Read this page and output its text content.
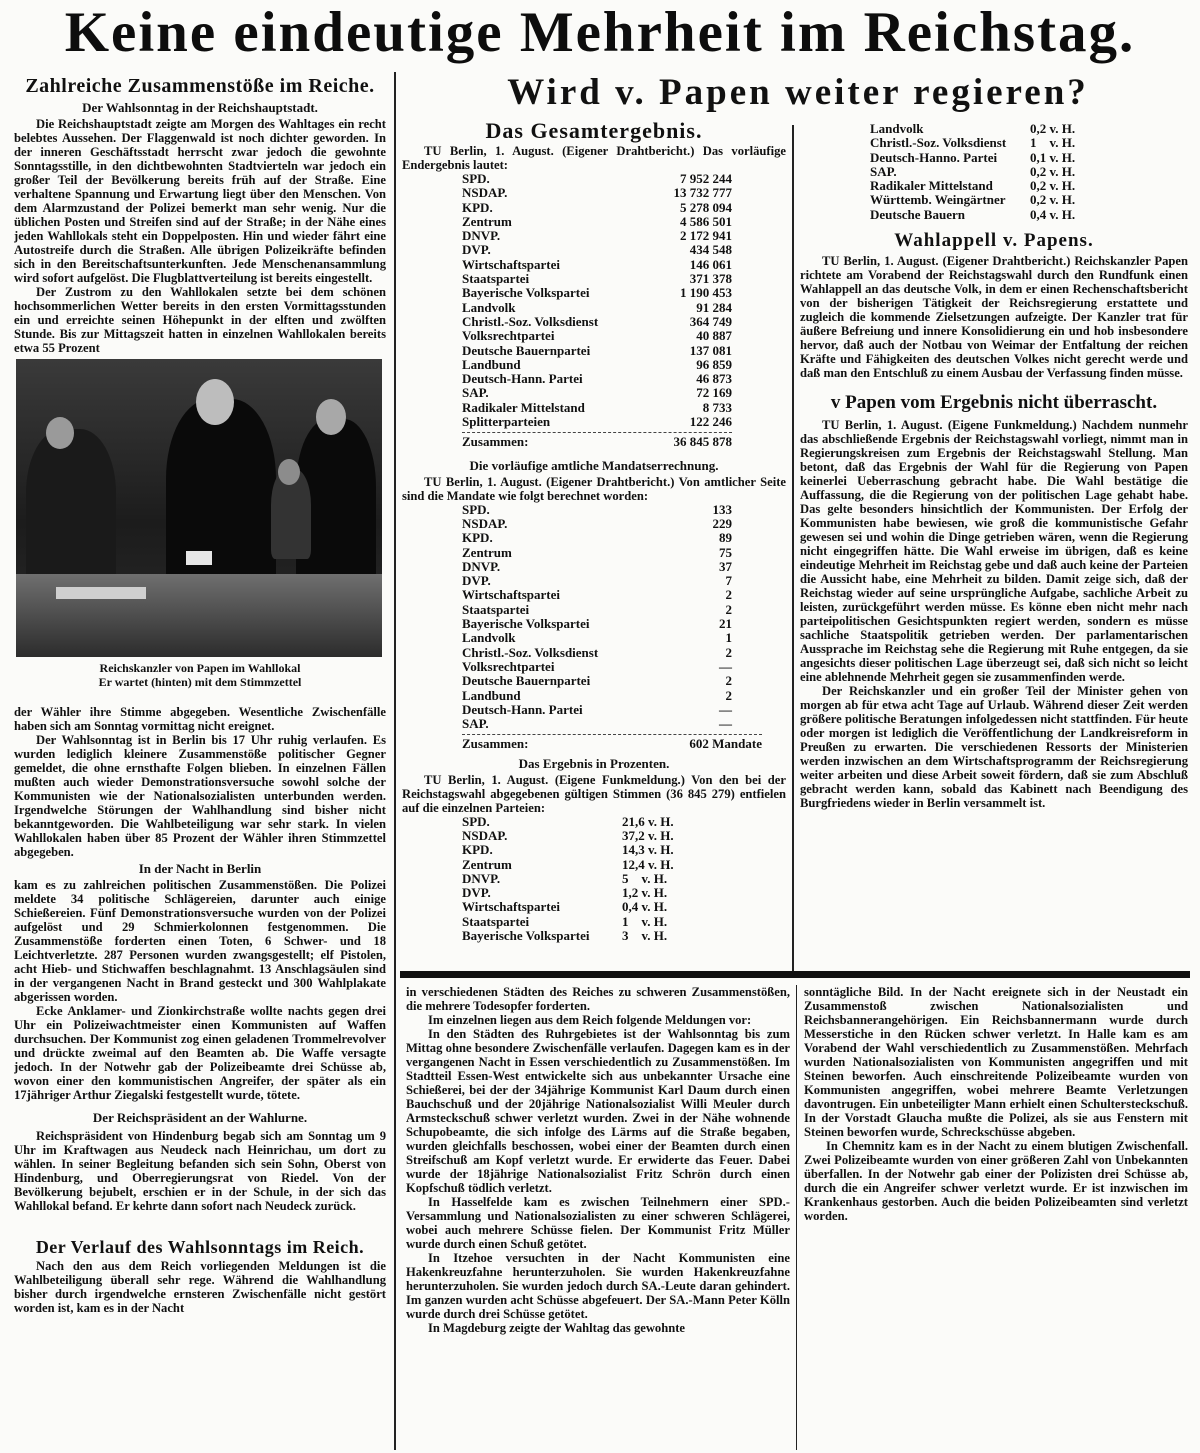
Keine eindeutige Mehrheit im Reichstag.
Wird v. Papen weiter regieren?
Zahlreiche Zusammenstöße im Reiche.
Der Wahlsonntag in der Reichshauptstadt.

Die Reichshauptstadt zeigte am Morgen des Wahltages ein recht belebtes Aussehen. Der Flaggenwald ist noch dichter geworden. In der inneren Geschäftsstadt herrscht zwar jedoch die gewohnte Sonntagsstille, in den dichtbewohnten Stadtvierteln war jedoch ein großer Teil der Bevölkerung bereits früh auf der Straße. Eine verhaltene Spannung und Erwartung liegt über den Menschen. Von dem Alarmzustand der Polizei bemerkt man sehr wenig. Nur die üblichen Posten und Streifen sind auf der Straße; in der Nähe eines jeden Wahllokals steht ein Doppelposten. Hin und wieder fährt eine Autostreife durch die Straßen. Alle übrigen Polizeikräfte befinden sich in den Bereitschaftsunterkunften. Jede Menschenansammlung wird sofort aufgelöst. Die Flugblattverteilung ist bereits eingestellt.

Der Zustrom zu den Wahllokalen setzte bei dem schönen hochsommerlichen Wetter bereits in den ersten Vormittagsstunden ein und erreichte seinen Höhepunkt in der elften und zwölften Stunde. Bis zur Mittagszeit hatten in einzelnen Wahllokalen bereits etwa 55 Prozent

Reichskanzler von Papen im Wahllokal
Er wartet (hinten) mit dem Stimmzettel

der Wähler ihre Stimme abgegeben. Wesentliche Zwischenfälle haben sich am Sonntag vormittag nicht ereignet.

Der Wahlsonntag ist in Berlin bis 17 Uhr ruhig verlaufen. Es wurden lediglich kleinere Zusammenstöße politischer Gegner gemeldet, die ohne ernsthafte Folgen blieben. In einzelnen Fällen mußten auch wieder Demonstrationsversuche sowohl solche der Kommunisten wie der Nationalsozialisten unterbunden werden. Irgendwelche Störungen der Wahlhandlung sind bisher nicht bekanntgeworden. Die Wahlbeteiligung war sehr stark. In vielen Wahllokalen haben über 85 Prozent der Wähler ihren Stimmzettel abgegeben.

In der Nacht in Berlin

kam es zu zahlreichen politischen Zusammenstößen. Die Polizei meldete 34 politische Schlägereien, darunter auch einige Schießereien. Fünf Demonstrationsversuche wurden von der Polizei aufgelöst und 29 Schmierkolonnen festgenommen. Die Zusammenstöße forderten einen Toten, 6 Schwer- und 18 Leichtverletzte. 287 Personen wurden zwangsgestellt; elf Pistolen, acht Hieb- und Stichwaffen beschlagnahmt. 13 Anschlagsäulen sind in der vergangenen Nacht in Brand gesteckt und 300 Wahlplakate abgerissen worden.

Ecke Anklamer- und Zionkirchstraße wollte nachts gegen drei Uhr ein Polizeiwachtmeister einen Kommunisten auf Waffen durchsuchen. Der Kommunist zog einen geladenen Trommelrevolver und drückte zweimal auf den Beamten ab. Die Waffe versagte jedoch. In der Notwehr gab der Polizeibeamte drei Schüsse ab, wovon einer den kommunistischen Angreifer, der später als ein 17jähriger Arthur Ziegalski festgestellt wurde, tötete.

Der Reichspräsident an der Wahlurne.

Reichspräsident von Hindenburg begab sich am Sonntag um 9 Uhr im Kraftwagen aus Neudeck nach Heinrichau, um dort zu wählen. In seiner Begleitung befanden sich sein Sohn, Oberst von Hindenburg, und Oberregierungsrat von Riedel. Von der Bevölkerung bejubelt, erschien er in der Schule, in der sich das Wahllokal befand. Er kehrte dann sofort nach Neudeck zurück.

Der Verlauf des Wahlsonntags im Reich.

Nach den aus dem Reich vorliegenden Meldungen ist die Wahlbeteiligung überall sehr rege. Während die Wahlhandlung bisher durch irgendwelche ernsteren Zwischenfälle nicht gestört worden ist, kam es in der Nacht

Das Gesamtergebnis.

TU Berlin, 1. August. (Eigener Drahtbericht.) Das vorläufige Endergebnis lautet:

SPD.	7 952 244
NSDAP.	13 732 777
KPD.	5 278 094
Zentrum	4 586 501
DNVP.	2 172 941
DVP.	434 548
Wirtschaftspartei	146 061
Staatspartei	371 378
Bayerische Volkspartei	1 190 453
Landvolk	91 284
Christl.-Soz. Volksdienst	364 749
Volksrechtpartei	40 887
Deutsche Bauernpartei	137 081
Landbund	96 859
Deutsch-Hann. Partei	46 873
SAP.	72 169
Radikaler Mittelstand	8 733
Splitterparteien	122 246
Zusammen:	36 845 878
Die vorläufige amtliche Mandatserrechnung.

TU Berlin, 1. August. (Eigener Drahtbericht.) Von amtlicher Seite sind die Mandate wie folgt berechnet worden:

SPD.	133
NSDAP.	229
KPD.	89
Zentrum	75
DNVP.	37
DVP.	7
Wirtschaftspartei	2
Staatspartei	2
Bayerische Volkspartei	21
Landvolk	1
Christl.-Soz. Volksdienst	2
Volksrechtpartei	—
Deutsche Bauernpartei	2
Landbund	2
Deutsch-Hann. Partei	—
SAP.	—
Zusammen:	602 Mandate
Das Ergebnis in Prozenten.

TU Berlin, 1. August. (Eigene Funkmeldung.) Von den bei der Reichstagswahl abgegebenen gültigen Stimmen (36 845 279) entfielen auf die einzelnen Parteien:

SPD.	21,6 v. H.
NSDAP.	37,2 v. H.
KPD.	14,3 v. H.
Zentrum	12,4 v. H.
DNVP.	5    v. H.
DVP.	1,2 v. H.
Wirtschaftspartei	0,4 v. H.
Staatspartei	1    v. H.
Bayerische Volkspartei	3    v. H.
Landvolk	0,2 v. H.
Christl.-Soz. Volksdienst 1    v. H.
Deutsch-Hanno. Partei	0,1 v. H.
SAP.	0,2 v. H.
Radikaler Mittelstand	0,2 v. H.
Württemb. Weingärtner 0,2 v. H.
Deutsche Bauern	0,4 v. H.
Wahlappell v. Papens.

TU Berlin, 1. August. (Eigener Drahtbericht.) Reichskanzler Papen richtete am Vorabend der Reichstagswahl durch den Rundfunk einen Wahlappell an das deutsche Volk, in dem er einen Rechenschaftsbericht von der bisherigen Tätigkeit der Reichsregierung erstattete und zugleich die kommende Zielsetzungen aufzeigte. Der Kanzler trat für äußere Befreiung und innere Konsolidierung ein und hob insbesondere hervor, daß auch der Notbau von Weimar der Entfaltung der reichen Kräfte und Fähigkeiten des deutschen Volkes nicht gerecht werde und daß man den Entschluß zu einem Ausbau der Verfassung finden müsse.

v Papen vom Ergebnis nicht überrascht.

TU Berlin, 1. August. (Eigene Funkmeldung.) Nachdem nunmehr das abschließende Ergebnis der Reichstagswahl vorliegt, nimmt man in Regierungskreisen zum Ergebnis der Reichstagswahl Stellung. Man betont, daß das Ergebnis der Wahl für die Regierung von Papen keinerlei Ueberraschung gebracht habe. Die Wahl bestätige die Auffassung, die die Regierung von der politischen Lage gehabt habe. Das gelte besonders hinsichtlich der Kommunisten. Der Erfolg der Kommunisten habe bewiesen, wie groß die kommunistische Gefahr gewesen sei und wohin die Dinge getrieben wären, wenn die Regierung nicht eingegriffen hätte. Die Wahl erweise im übrigen, daß es keine eindeutige Mehrheit im Reichstag gebe und daß auch keine der Parteien die Aussicht habe, eine Mehrheit zu bilden. Damit zeige sich, daß der Reichstag wieder auf seine ursprüngliche Aufgabe, sachliche Arbeit zu leisten, zurückgeführt werden müsse. Es könne eben nicht mehr nach parteipolitischen Gesichtspunkten regiert werden, sondern es müsse sachliche Staatspolitik getrieben werden. Der parlamentarischen Aussprache im Reichstag sehe die Regierung mit Ruhe entgegen, da sie angesichts dieser politischen Lage überzeugt sei, daß sich nicht so leicht eine ablehnende Mehrheit gegen sie zusammenfinden werde.

Der Reichskanzler und ein großer Teil der Minister gehen von morgen ab für etwa acht Tage auf Urlaub. Während dieser Zeit werden größere politische Beratungen infolgedessen nicht stattfinden. Für heute oder morgen ist lediglich die Veröffentlichung der Landkreisreform in Preußen zu erwarten. Die verschiedenen Ressorts der Ministerien werden inzwischen an dem Wirtschaftsprogramm der Reichsregierung weiter arbeiten und diese Arbeit soweit fördern, daß sie zum Abschluß gebracht werden kann, sobald das Kabinett nach Beendigung des Burgfriedens wieder in Berlin versammelt ist.

in verschiedenen Städten des Reiches zu schweren Zusammenstößen, die mehrere Todesopfer forderten.

Im einzelnen liegen aus dem Reich folgende Meldungen vor:

In den Städten des Ruhrgebietes ist der Wahlsonntag bis zum Mittag ohne besondere Zwischenfälle verlaufen. Dagegen kam es in der vergangenen Nacht in Essen verschiedentlich zu Zusammenstößen. Im Stadtteil Essen-West entwickelte sich aus unbekannter Ursache eine Schießerei, bei der der 34jährige Kommunist Karl Daum durch einen Bauchschuß und der 20jährige Nationalsozialist Willi Meuler durch Armsteckschuß schwer verletzt wurden. Zwei in der Nähe wohnende Schupobeamte, die sich infolge des Lärms auf die Straße begaben, wurden gleichfalls beschossen, wobei einer der Beamten durch einen Streifschuß am Kopf verletzt wurde. Er erwiderte das Feuer. Dabei wurde der 18jährige Nationalsozialist Fritz Schrön durch einen Kopfschuß tödlich verletzt.

In Hasselfelde kam es zwischen Teilnehmern einer SPD.-Versammlung und Nationalsozialisten zu einer schweren Schlägerei, wobei auch mehrere Schüsse fielen. Der Kommunist Fritz Müller wurde durch einen Schuß getötet.

In Itzehoe versuchten in der Nacht Kommunisten eine Hakenkreuzfahne herunterzuholen. Sie wurden Hakenkreuzfahne herunterzuholen. Sie wurden jedoch durch SA.-Leute daran gehindert. Im ganzen wurden acht Schüsse abgefeuert. Der SA.-Mann Peter Kölln wurde durch drei Schüsse getötet.

In Magdeburg zeigte der Wahltag das gewohnte

sonntägliche Bild. In der Nacht ereignete sich in der Neustadt ein Zusammenstoß zwischen Nationalsozialisten und Reichsbannerangehörigen. Ein Reichsbannermann wurde durch Messerstiche in den Rücken schwer verletzt. In Halle kam es am Vorabend der Wahl verschiedentlich zu Zusammenstößen. Mehrfach wurden Nationalsozialisten von Kommunisten angegriffen und mit Steinen beworfen. Auch einschreitende Polizeibeamte wurden von Kommunisten angegriffen, wobei mehrere Beamte Verletzungen davontrugen. Ein unbeteiligter Mann erhielt einen Schultersteckschuß. In der Vorstadt Glaucha mußte die Polizei, als sie aus Fenstern mit Steinen beworfen wurde, Schreckschüsse abgeben.

In Chemnitz kam es in der Nacht zu einem blutigen Zwischenfall. Zwei Polizeibeamte wurden von einer größeren Zahl von Unbekannten überfallen. In der Notwehr gab einer der Polizisten drei Schüsse ab, durch die ein Angreifer schwer verletzt wurde. Er ist inzwischen im Krankenhaus gestorben. Auch die beiden Polizeibeamten sind verletzt worden.
